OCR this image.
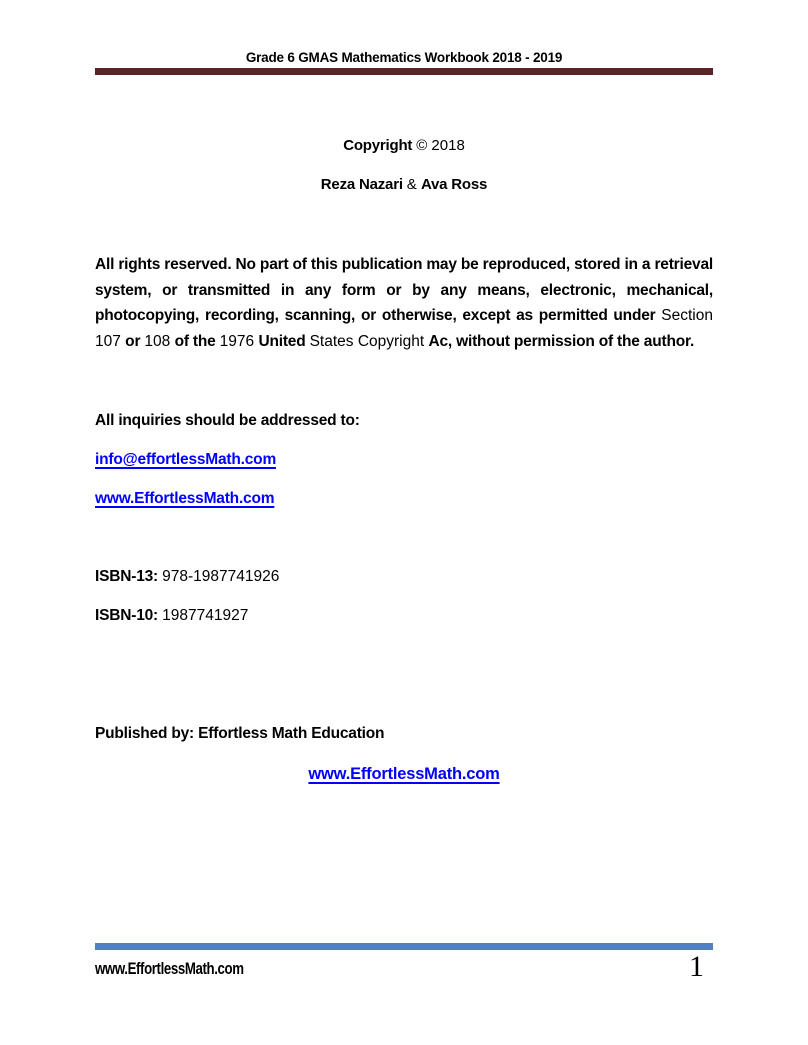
Grade 6 GMAS Mathematics Workbook 2018 - 2019

Copyright © 2018

Reza Nazari & Ava Ross

All rights reserved. No part of this publication may be reproduced, stored in a retrieval system, or transmitted in any form or by any means, electronic, mechanical, photocopying, recording, scanning, or otherwise, except as permitted under Section 107 or 108 of the 1976 United States Copyright Ac, without permission of the author.

All inquiries should be addressed to:

info@effortlessMath.com

www.EffortlessMath.com

ISBN-13: 978-1987741926

ISBN-10: 1987741927

Published by: Effortless Math Education

www.EffortlessMath.com

www.EffortlessMath.com	1
